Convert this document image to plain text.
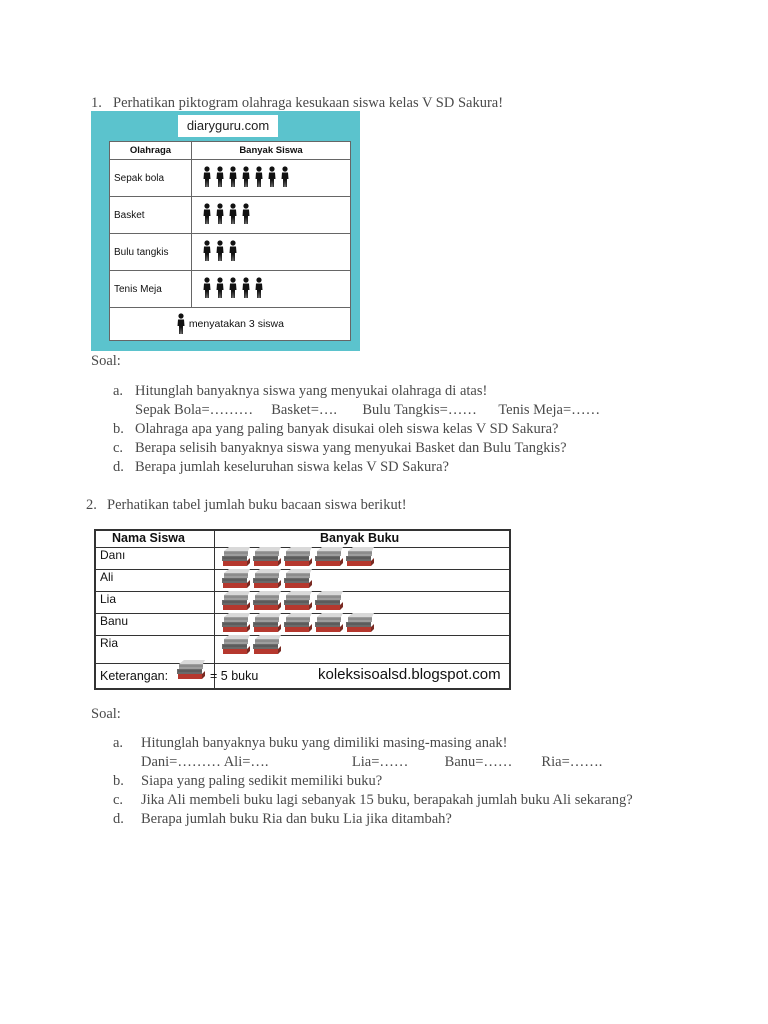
1. Perhatikan piktogram olahraga kesukaan siswa kelas V SD Sakura!
diaryguru.com
Olahraga	Banyak Siswa
Sepak bola	

Basket	

Bulu tangkis	

Tenis Meja	

menyatakan 3 siswa	
Soal:
a. Hitunglah banyaknya siswa yang menyukai olahraga di atas!
Sepak Bola=………     Basket=….       Bulu Tangkis=……      Tenis Meja=……
b. Olahraga apa yang paling banyak disukai oleh siswa kelas V SD Sakura?
c. Berapa selisih banyaknya siswa yang menyukai Basket dan Bulu Tangkis?
d. Berapa jumlah keseluruhan siswa kelas V SD Sakura?
2. Perhatikan tabel jumlah buku bacaan siswa berikut!
Nama Siswa	Banyak Buku
Danı
Ali
Lia
Banu
Ria
Keterangan:	= 5 buku	koleksisoalsd.blogspot.com
Soal:
a. Hitunglah banyaknya buku yang dimiliki masing-masing anak!
Dani=……… Ali=….                       Lia=……          Banu=……        Ria=…….
b. Siapa yang paling sedikit memiliki buku?
c. Jika Ali membeli buku lagi sebanyak 15 buku, berapakah jumlah buku Ali sekarang?
d. Berapa jumlah buku Ria dan buku Lia jika ditambah?
